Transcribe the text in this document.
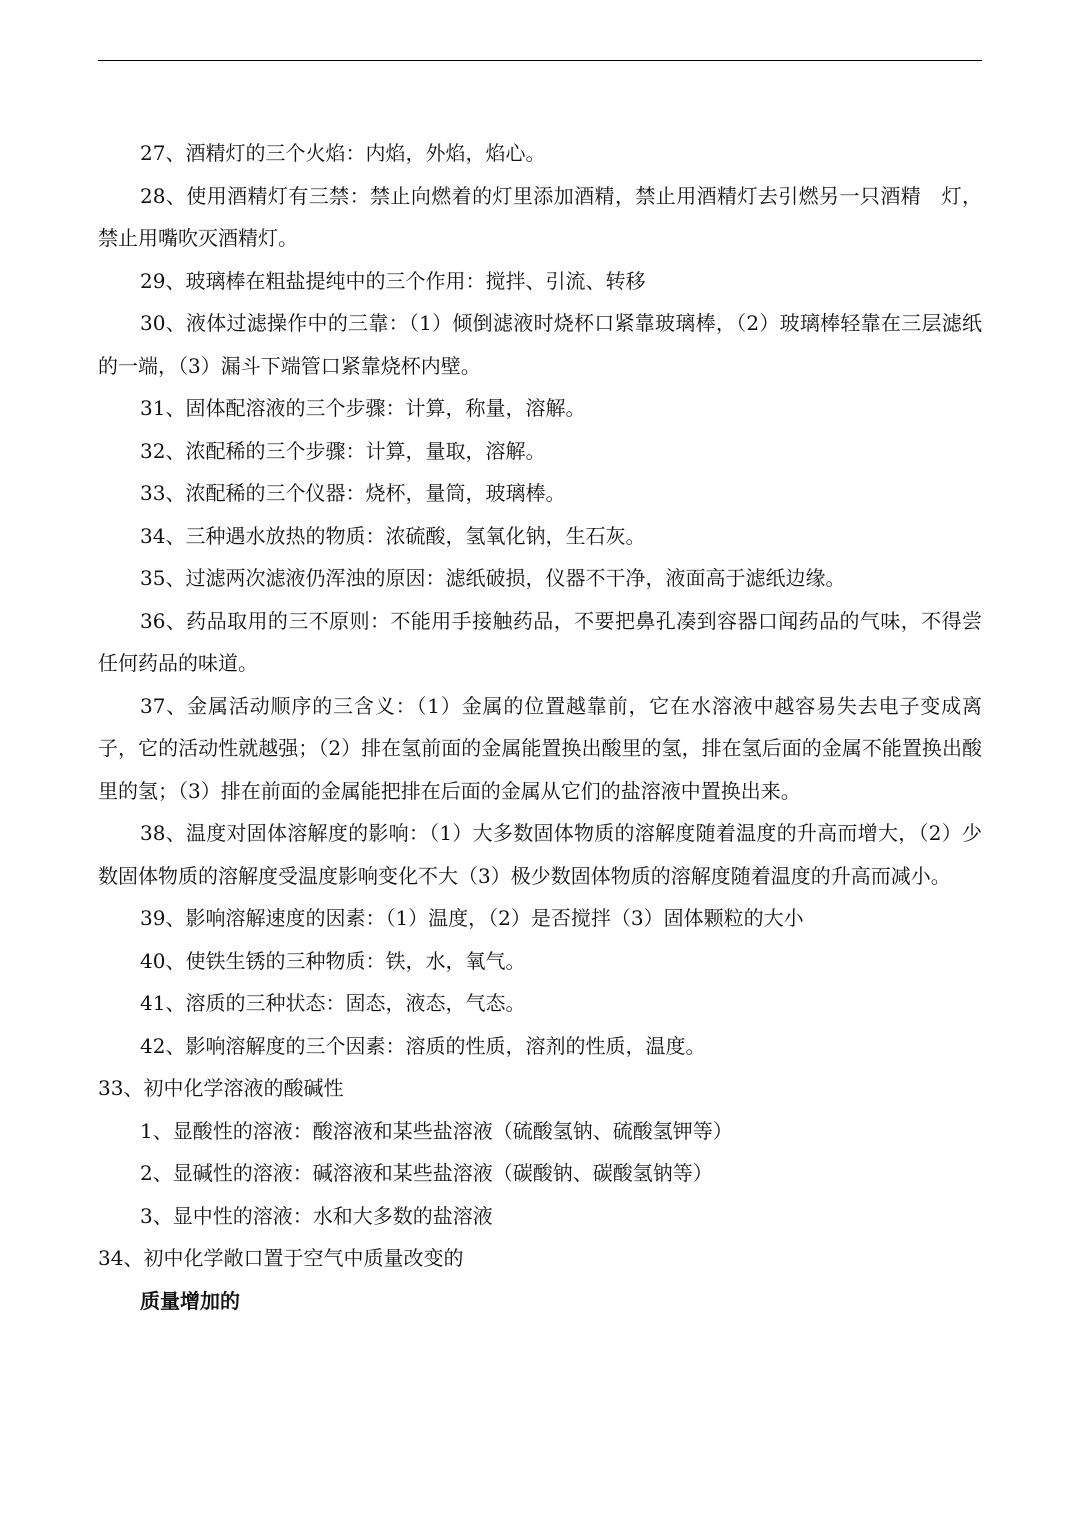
27、酒精灯的三个火焰：内焰，外焰，焰心。

28、使用酒精灯有三禁：禁止向燃着的灯里添加酒精，禁止用酒精灯去引燃另一只酒精　灯，禁止用嘴吹灭酒精灯。

29、玻璃棒在粗盐提纯中的三个作用：搅拌、引流、转移

30、液体过滤操作中的三靠：（1）倾倒滤液时烧杯口紧靠玻璃棒，（2）玻璃棒轻靠在三层滤纸的一端，（3）漏斗下端管口紧靠烧杯内壁。

31、固体配溶液的三个步骤：计算，称量，溶解。

32、浓配稀的三个步骤：计算，量取，溶解。

33、浓配稀的三个仪器：烧杯，量筒，玻璃棒。

34、三种遇水放热的物质：浓硫酸，氢氧化钠，生石灰。

35、过滤两次滤液仍浑浊的原因：滤纸破损，仪器不干净，液面高于滤纸边缘。

36、药品取用的三不原则：不能用手接触药品，不要把鼻孔凑到容器口闻药品的气味，不得尝任何药品的味道。

37、金属活动顺序的三含义：（1）金属的位置越靠前，它在水溶液中越容易失去电子变成离子，它的活动性就越强；（2）排在氢前面的金属能置换出酸里的氢，排在氢后面的金属不能置换出酸里的氢；（3）排在前面的金属能把排在后面的金属从它们的盐溶液中置换出来。

38、温度对固体溶解度的影响：（1）大多数固体物质的溶解度随着温度的升高而增大，（2）少数固体物质的溶解度受温度影响变化不大（3）极少数固体物质的溶解度随着温度的升高而减小。

39、影响溶解速度的因素：（1）温度，（2）是否搅拌（3）固体颗粒的大小

40、使铁生锈的三种物质：铁，水，氧气。

41、溶质的三种状态：固态，液态，气态。

42、影响溶解度的三个因素：溶质的性质，溶剂的性质，温度。

33、初中化学溶液的酸碱性

1、显酸性的溶液：酸溶液和某些盐溶液（硫酸氢钠、硫酸氢钾等）

2、显碱性的溶液：碱溶液和某些盐溶液（碳酸钠、碳酸氢钠等）

3、显中性的溶液：水和大多数的盐溶液

34、初中化学敞口置于空气中质量改变的

质量增加的
